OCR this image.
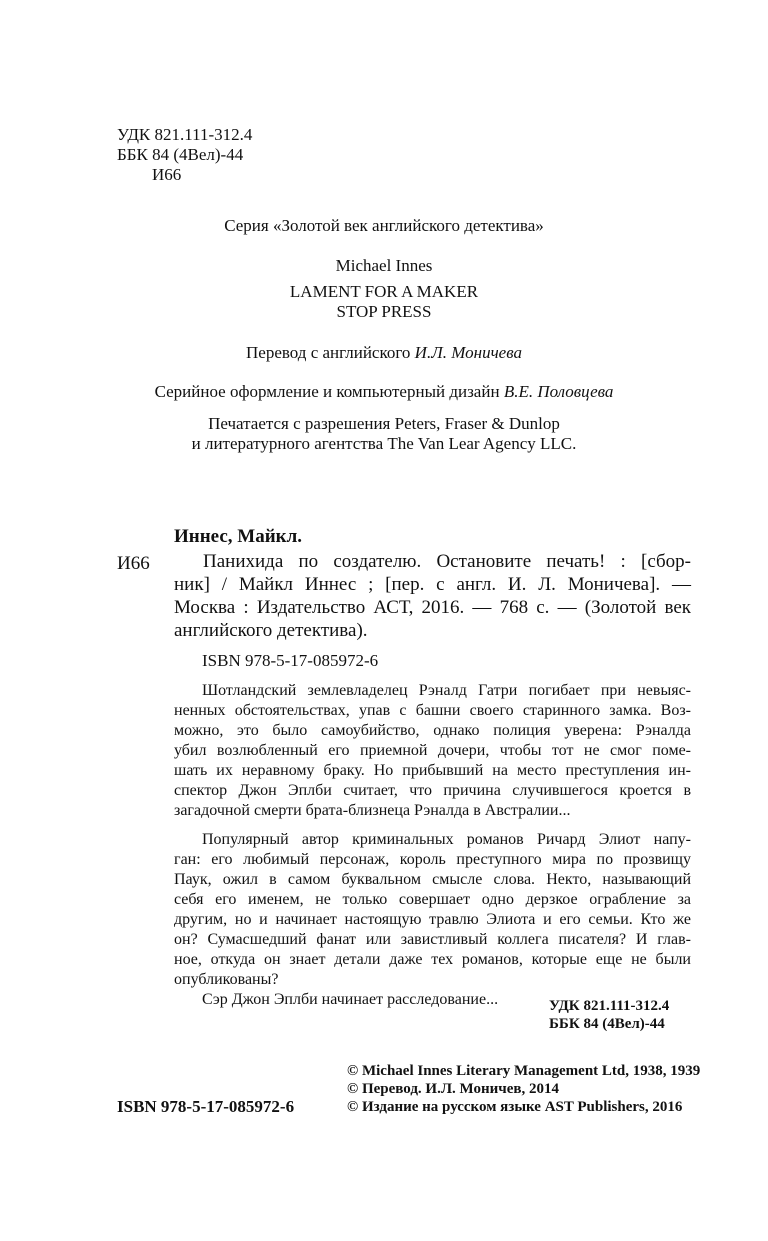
УДК 821.111-312.4
ББК 84 (4Вел)-44
И66
Серия «Золотой век английского детектива»
Michael Innes
LAMENT FOR A MAKER
STOP PRESS
Перевод с английского И.Л. Моничева
Серийное оформление и компьютерный дизайн В.Е. Половцева
Печатается с разрешения Peters, Fraser & Dunlop
и литературного агентства The Van Lear Agency LLC.
Иннес, Майкл.
И66	Панихида по создателю. Остановите печать! : [сбор-
ник] / Майкл Иннес ; [пер. с англ. И. Л. Моничева]. —
Москва : Издательство АСТ, 2016. — 768 с. — (Золотой век
английского детектива).
ISBN 978-5-17-085972-6
Шотландский землевладелец Рэналд Гатри погибает при невыяс-
ненных обстоятельствах, упав с башни своего старинного замка. Воз-
можно, это было самоубийство, однако полиция уверена: Рэналда
убил возлюбленный его приемной дочери, чтобы тот не смог поме-
шать их неравному браку. Но прибывший на место преступления ин-
спектор Джон Эплби считает, что причина случившегося кроется в
загадочной смерти брата-близнеца Рэналда в Австралии...
Популярный автор криминальных романов Ричард Элиот напу-
ган: его любимый персонаж, король преступного мира по прозвищу
Паук, ожил в самом буквальном смысле слова. Некто, называющий
себя его именем, не только совершает одно дерзкое ограбление за
другим, но и начинает настоящую травлю Элиота и его семьи. Кто же
он? Сумасшедший фанат или завистливый коллега писателя? И глав-
ное, откуда он знает детали даже тех романов, которые еще не были
опубликованы?
Сэр Джон Эплби начинает расследование...	УДК 821.111-312.4
ББК 84 (4Вел)-44
© Michael Innes Literary Management Ltd, 1938, 1939
© Перевод. И.Л. Моничев, 2014
© Издание на русском языке AST Publishers, 2016
ISBN 978-5-17-085972-6
